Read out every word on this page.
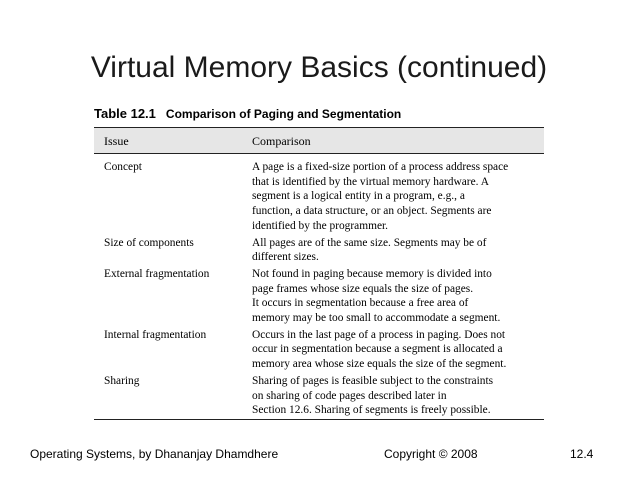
Virtual Memory Basics (continued)
Table 12.1 Comparison of Paging and Segmentation
Issue	Comparison
Concept	A page is a fixed-size portion of a process address space
that is identified by the virtual memory hardware. A
segment is a logical entity in a program, e.g., a
function, a data structure, or an object. Segments are
identified by the programmer.
Size of components	All pages are of the same size. Segments may be of
different sizes.
External fragmentation	Not found in paging because memory is divided into
page frames whose size equals the size of pages.
It occurs in segmentation because a free area of
memory may be too small to accommodate a segment.
Internal fragmentation	Occurs in the last page of a process in paging. Does not
occur in segmentation because a segment is allocated a
memory area whose size equals the size of the segment.
Sharing	Sharing of pages is feasible subject to the constraints
on sharing of code pages described later in
Section 12.6. Sharing of segments is freely possible.
Operating Systems, by Dhananjay Dhamdhere	Copyright © 2008	12.4
